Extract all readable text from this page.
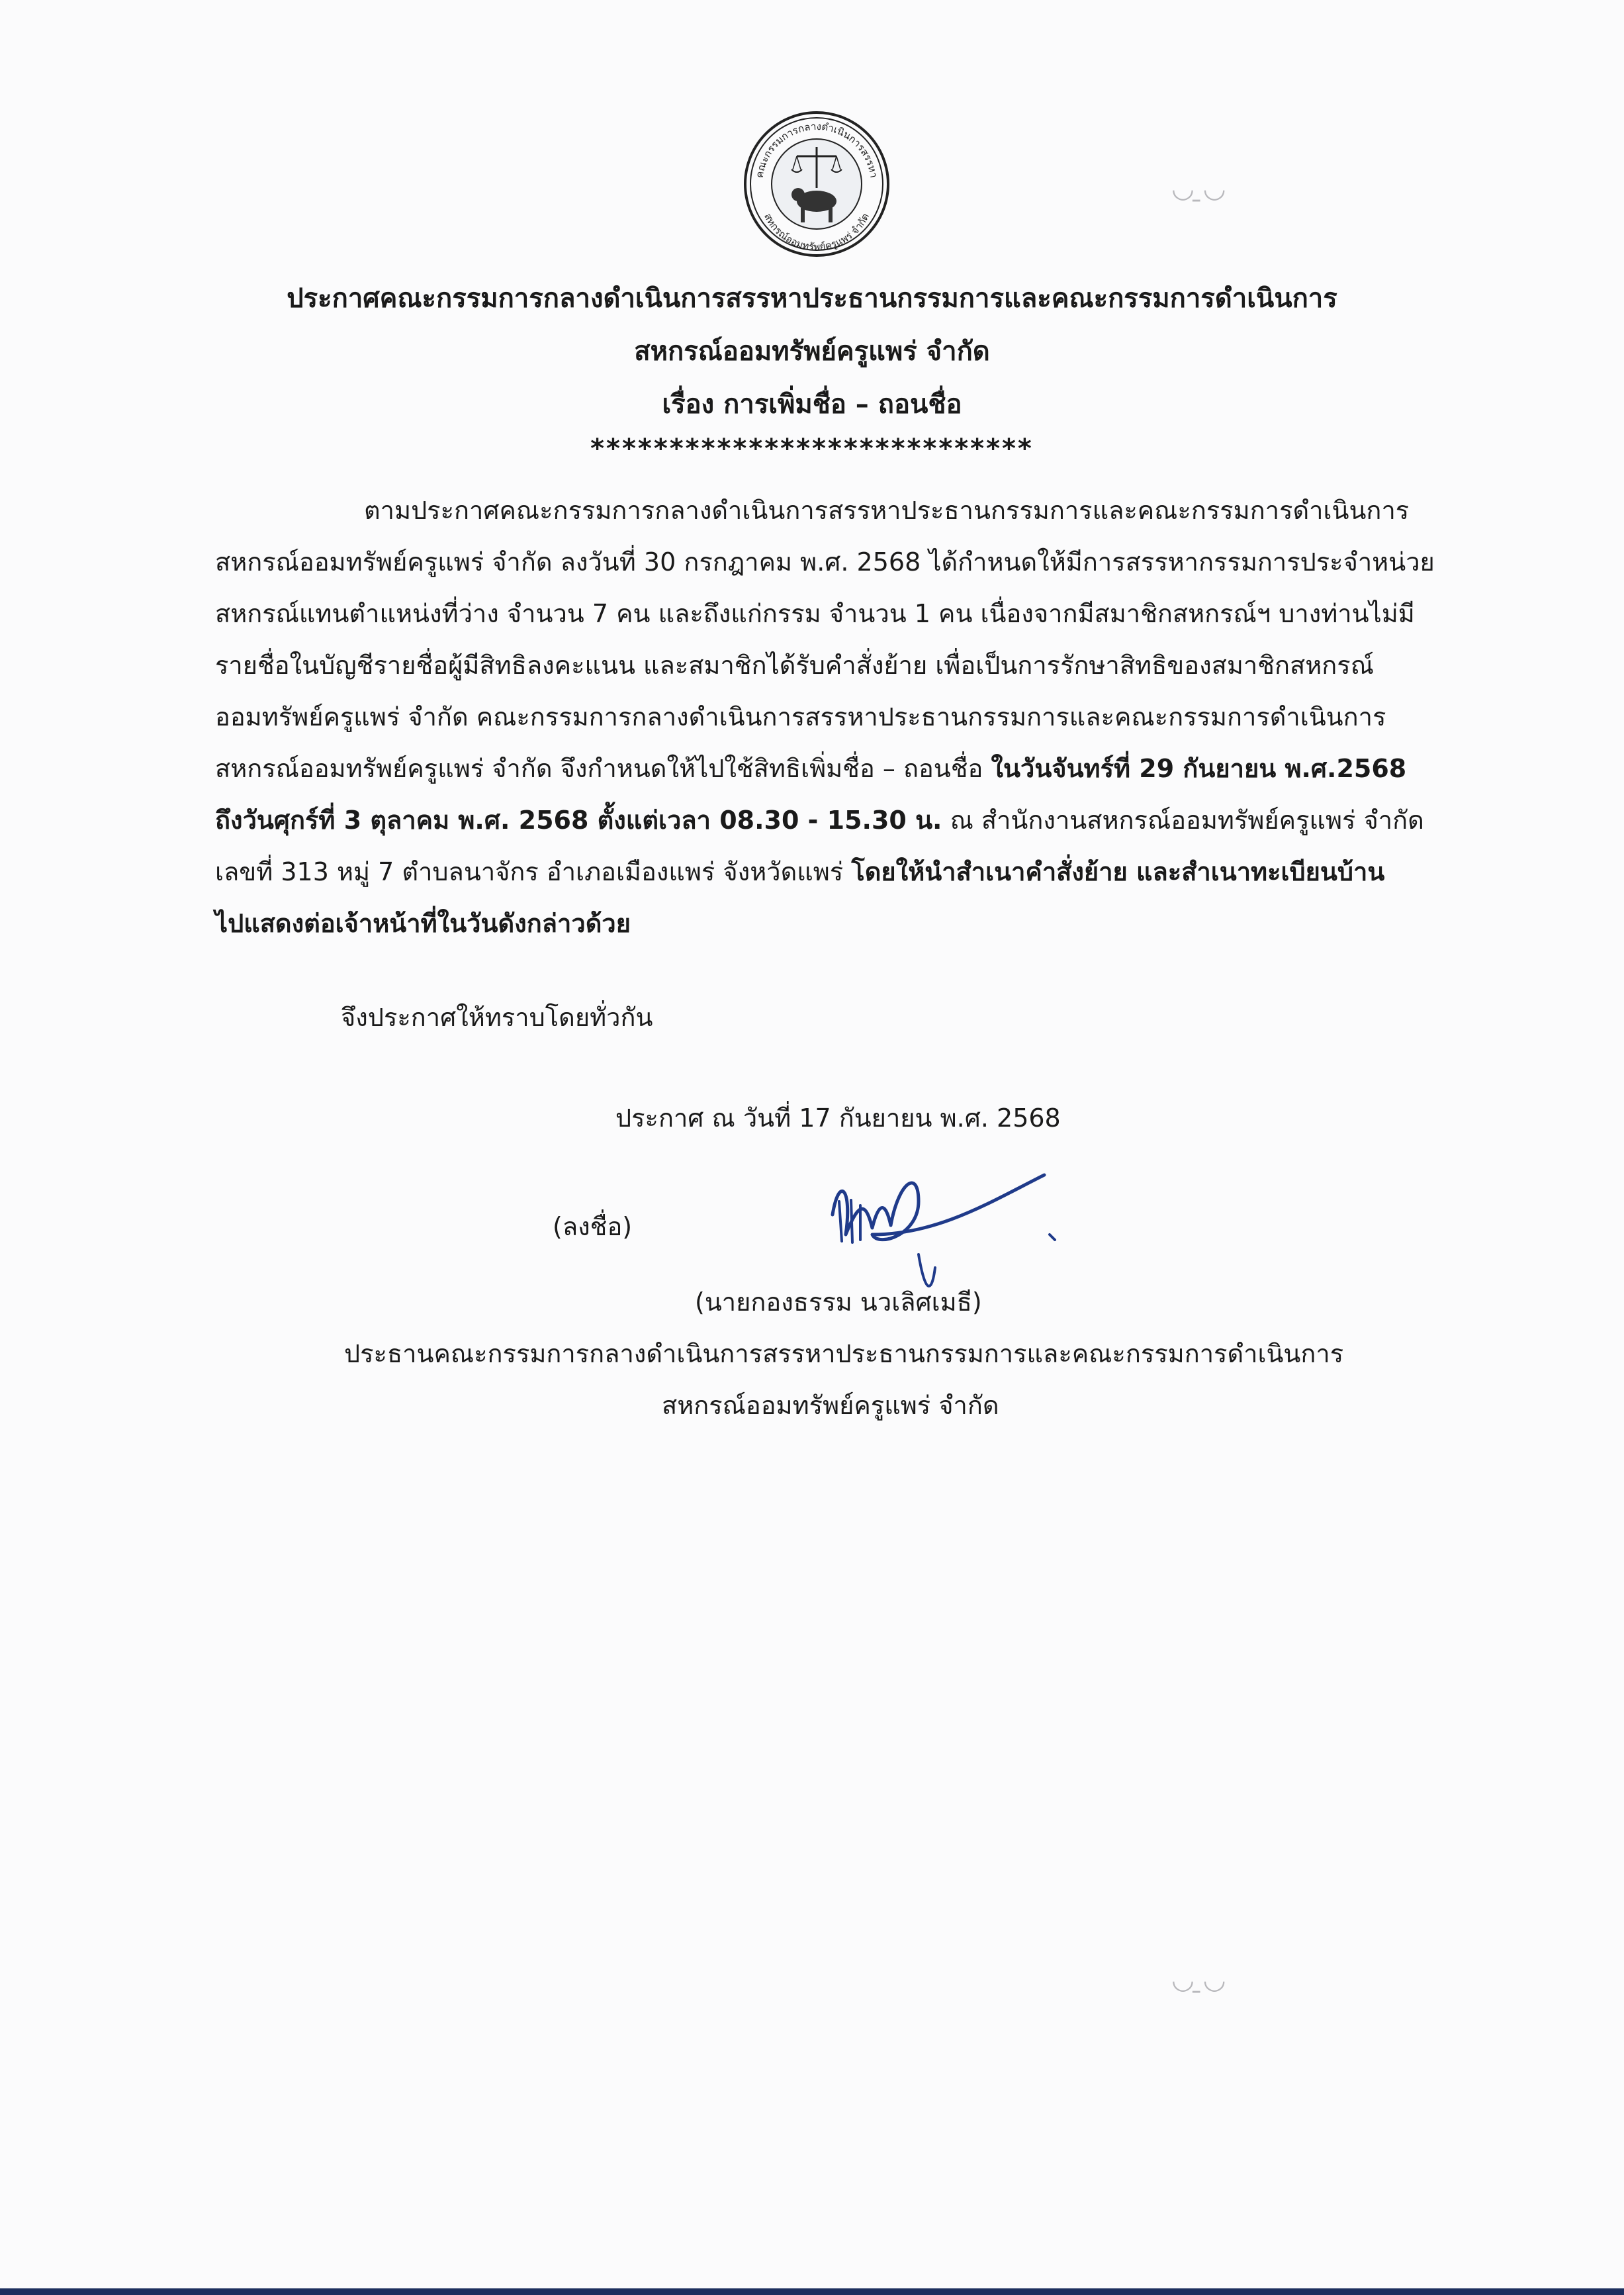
คณะกรรมการกลางดำเนินการสรรหา
สหกรณ์ออมทรัพย์ครูแพร่ จำกัด
ประกาศคณะกรรมการกลางดำเนินการสรรหาประธานกรรมการและคณะกรรมการดำเนินการ
สหกรณ์ออมทรัพย์ครูแพร่ จำกัด
เรื่อง การเพิ่มชื่อ – ถอนชื่อ
****************************
ตามประกาศคณะกรรมการกลางดำเนินการสรรหาประธานกรรมการและคณะกรรมการดำเนินการ
สหกรณ์ออมทรัพย์ครูแพร่ จำกัด ลงวันที่ 30 กรกฎาคม พ.ศ. 2568 ได้กำหนดให้มีการสรรหากรรมการประจำหน่วย
สหกรณ์แทนตำแหน่งที่ว่าง จำนวน 7 คน และถึงแก่กรรม จำนวน 1 คน เนื่องจากมีสมาชิกสหกรณ์ฯ บางท่านไม่มี
รายชื่อในบัญชีรายชื่อผู้มีสิทธิลงคะแนน และสมาชิกได้รับคำสั่งย้าย เพื่อเป็นการรักษาสิทธิของสมาชิกสหกรณ์
ออมทรัพย์ครูแพร่ จำกัด คณะกรรมการกลางดำเนินการสรรหาประธานกรรมการและคณะกรรมการดำเนินการ
สหกรณ์ออมทรัพย์ครูแพร่ จำกัด จึงกำหนดให้ไปใช้สิทธิเพิ่มชื่อ – ถอนชื่อ ในวันจันทร์ที่ 29 กันยายน พ.ศ.2568
ถึงวันศุกร์ที่ 3 ตุลาคม พ.ศ. 2568 ตั้งแต่เวลา 08.30 - 15.30 น. ณ สำนักงานสหกรณ์ออมทรัพย์ครูแพร่ จำกัด
เลขที่ 313 หมู่ 7 ตำบลนาจักร อำเภอเมืองแพร่ จังหวัดแพร่ โดยให้นำสำเนาคำสั่งย้าย และสำเนาทะเบียนบ้าน
ไปแสดงต่อเจ้าหน้าที่ในวันดังกล่าวด้วย
จึงประกาศให้ทราบโดยทั่วกัน
ประกาศ ณ วันที่ 17 กันยายน พ.ศ. 2568
(ลงชื่อ)
(นายกองธรรม นวเลิศเมธี)
ประธานคณะกรรมการกลางดำเนินการสรรหาประธานกรรมการและคณะกรรมการดำเนินการ
สหกรณ์ออมทรัพย์ครูแพร่ จำกัด
◡ ̱◡
◡ ̱◡
